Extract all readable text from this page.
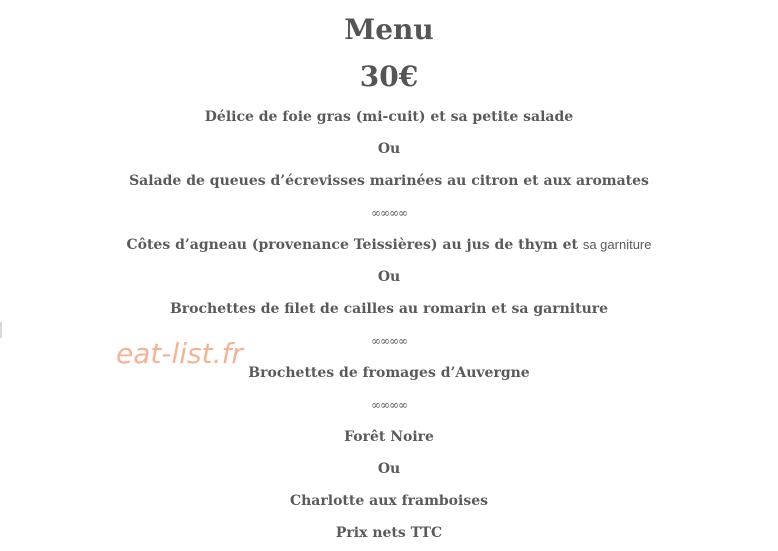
Menu
30€
Délice de foie gras (mi-cuit) et sa petite salade
Ou
Salade de queues d’écrevisses marinées au citron et aux aromates
∞∞∞∞
Côtes d’agneau (provenance Teissières) au jus de thym et sa garniture
Ou
Brochettes de filet de cailles au romarin et sa garniture
∞∞∞∞
Brochettes de fromages d’Auvergne
∞∞∞∞
Forêt Noire
Ou
Charlotte aux framboises
Prix nets TTC
eat-list.fr
